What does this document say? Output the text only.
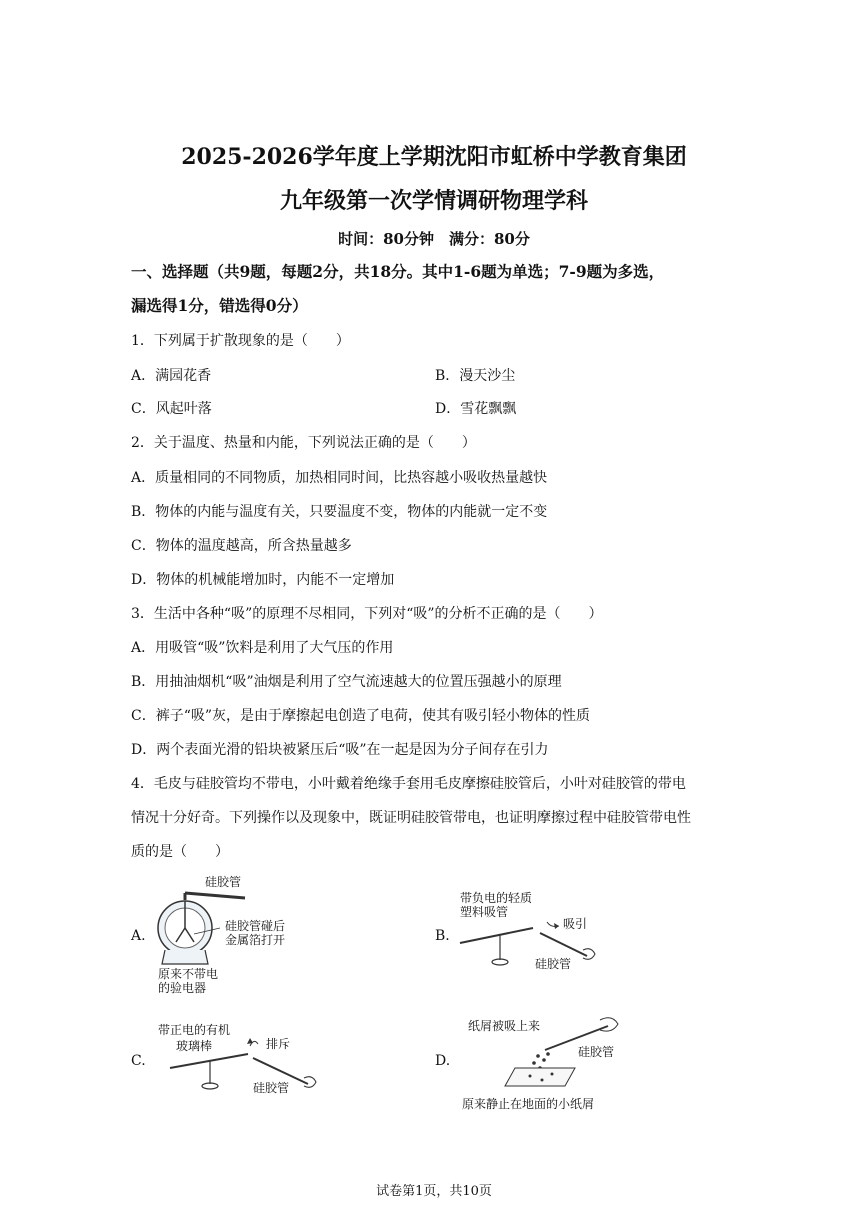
2025-2026学年度上学期沈阳市虹桥中学教育集团
九年级第一次学情调研物理学科
时间：80分钟　满分：80分
一、选择题（共9题，每题2分，共18分。其中1-6题为单选；7-9题为多选，
漏选得1分，错选得0分）
1．下列属于扩散现象的是（　　）
A．满园花香	B．漫天沙尘
C．风起叶落	D．雪花飘飘
2．关于温度、热量和内能，下列说法正确的是（　　）
A．质量相同的不同物质，加热相同时间，比热容越小吸收热量越快
B．物体的内能与温度有关，只要温度不变，物体的内能就一定不变
C．物体的温度越高，所含热量越多
D．物体的机械能增加时，内能不一定增加
3．生活中各种“吸”的原理不尽相同，下列对“吸”的分析不正确的是（　　）
A．用吸管“吸”饮料是利用了大气压的作用
B．用抽油烟机“吸”油烟是利用了空气流速越大的位置压强越小的原理
C．裤子“吸”灰，是由于摩擦起电创造了电荷，使其有吸引轻小物体的性质
D．两个表面光滑的铅块被紧压后“吸”在一起是因为分子间存在引力
4．毛皮与硅胶管均不带电，小叶戴着绝缘手套用毛皮摩擦硅胶管后，小叶对硅胶管的带电
情况十分好奇。下列操作以及现象中，既证明硅胶管带电，也证明摩擦过程中硅胶管带电性
质的是（　　）
A.	B.
C.	D.
硅胶管
硅胶管碰后
金属箔打开
原来不带电
的验电器
带负电的轻质
塑料吸管
吸引
硅胶管
带正电的有机
玻璃棒	排斥
硅胶管
纸屑被吸上来
硅胶管
原来静止在地面的小纸屑
试卷第1页，共10页
